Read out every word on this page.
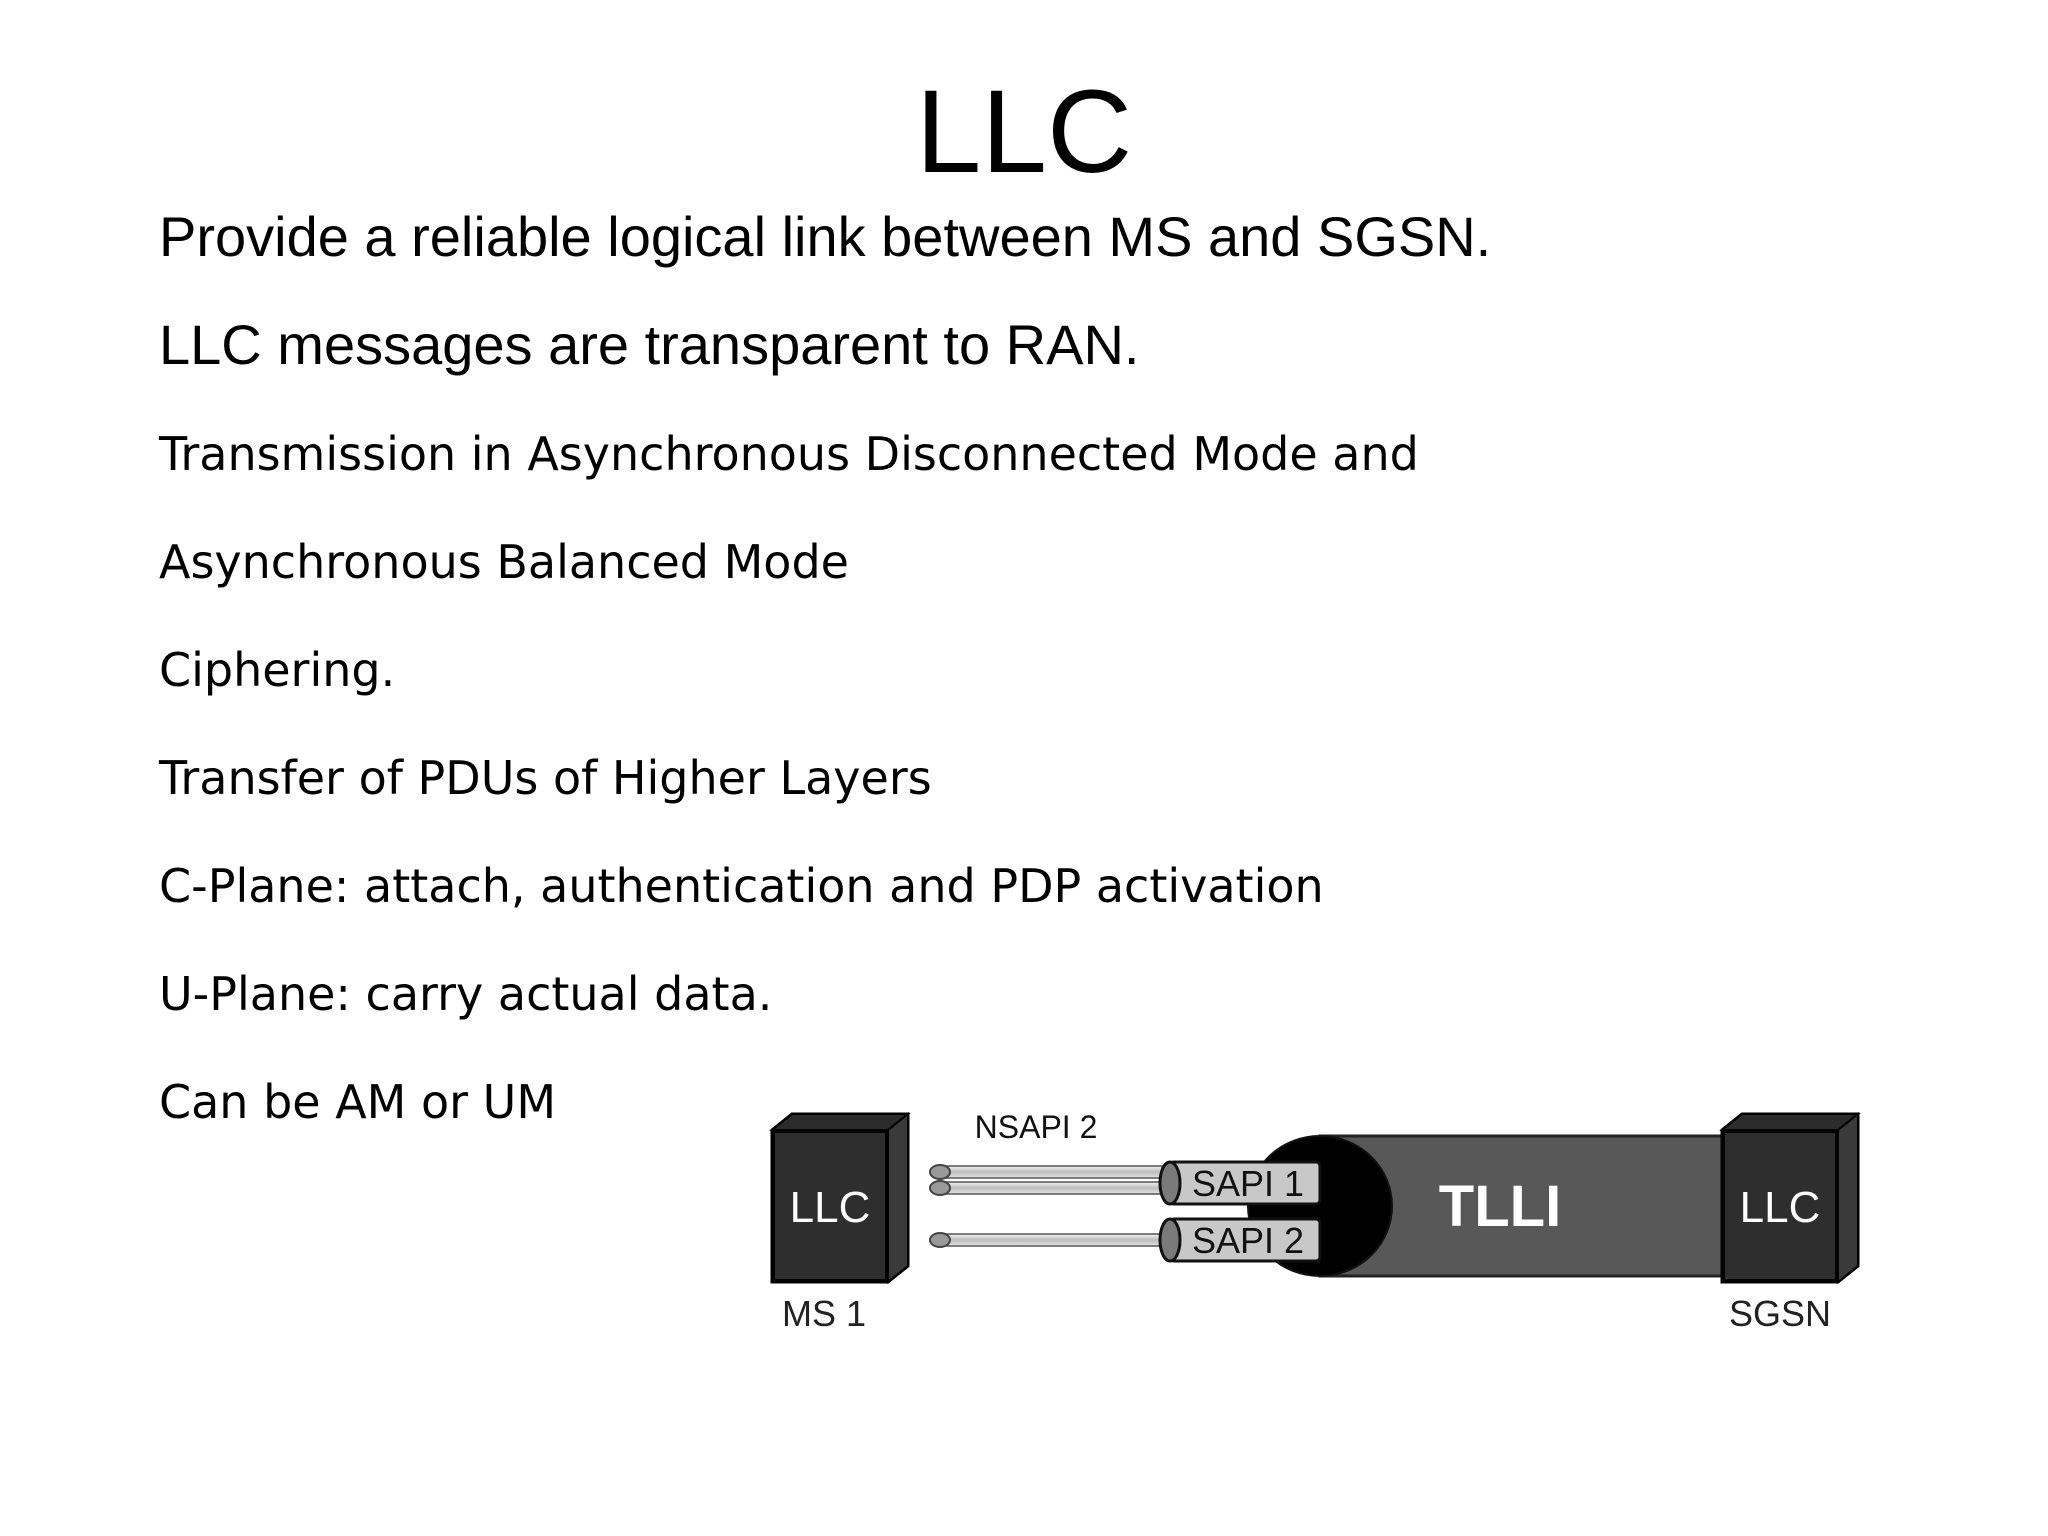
LLC

Provide a reliable logical link between MS and SGSN.

LLC messages are transparent to RAN.

Transmission in Asynchronous Disconnected Mode and

Asynchronous Balanced Mode

Ciphering.

Transfer of PDUs of Higher Layers

C-Plane: attach, authentication and PDP activation

U-Plane: carry actual data.

Can be AM or UM

LLC
MS 1
NSAPI 2
TLLI
SAPI 1
SAPI 2
LLC
SGSN
